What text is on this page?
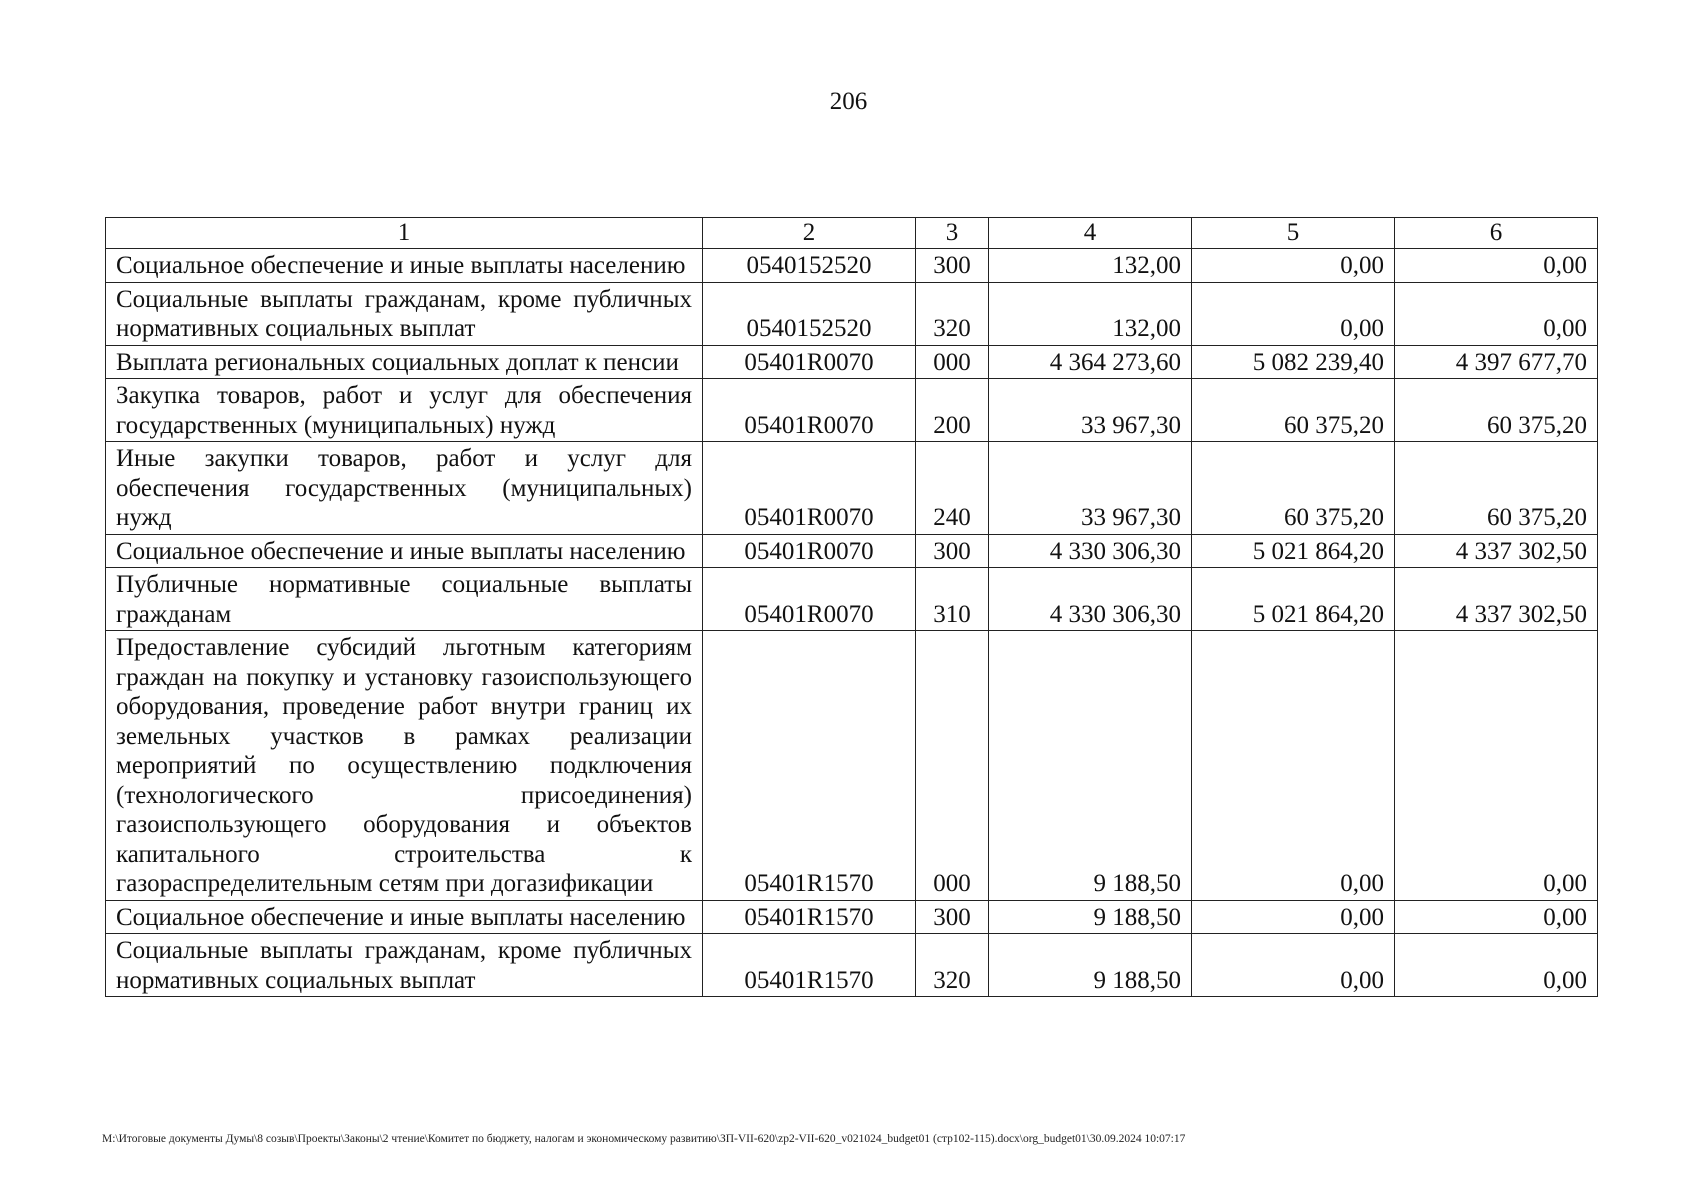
206
1	2	3	4	5	6
Социальное обеспечение и иные выплаты населению	0540152520	300	132,00	0,00	0,00
Социальные выплаты гражданам, кроме публичных нормативных социальных выплат	0540152520	320	132,00	0,00	0,00
Выплата региональных социальных доплат к пенсии	05401R0070	000	4 364 273,60	5 082 239,40	4 397 677,70
Закупка товаров, работ и услуг для обеспечения государственных (муниципальных) нужд	05401R0070	200	33 967,30	60 375,20	60 375,20
Иные закупки товаров, работ и услуг для обеспечения государственных (муниципальных) нужд	05401R0070	240	33 967,30	60 375,20	60 375,20
Социальное обеспечение и иные выплаты населению	05401R0070	300	4 330 306,30	5 021 864,20	4 337 302,50
Публичные нормативные социальные выплаты гражданам	05401R0070	310	4 330 306,30	5 021 864,20	4 337 302,50
Предоставление субсидий льготным категориям граждан на покупку и установку газоиспользующего оборудования, проведение работ внутри границ их земельных участков в рамках реализации мероприятий по осуществлению подключения (технологического присоединения) газоиспользующего оборудования и объектов капитального строительства к газораспределительным сетям при догазификации	05401R1570	000	9 188,50	0,00	0,00
Социальное обеспечение и иные выплаты населению	05401R1570	300	9 188,50	0,00	0,00
Социальные выплаты гражданам, кроме публичных нормативных социальных выплат	05401R1570	320	9 188,50	0,00	0,00
M:\Итоговые документы Думы\8 созыв\Проекты\Законы\2 чтение\Комитет по бюджету, налогам и экономическому развитию\ЗП-VII-620\zp2-VII-620_v021024_budget01 (стр102-115).docx\org_budget01\30.09.2024 10:07:17
